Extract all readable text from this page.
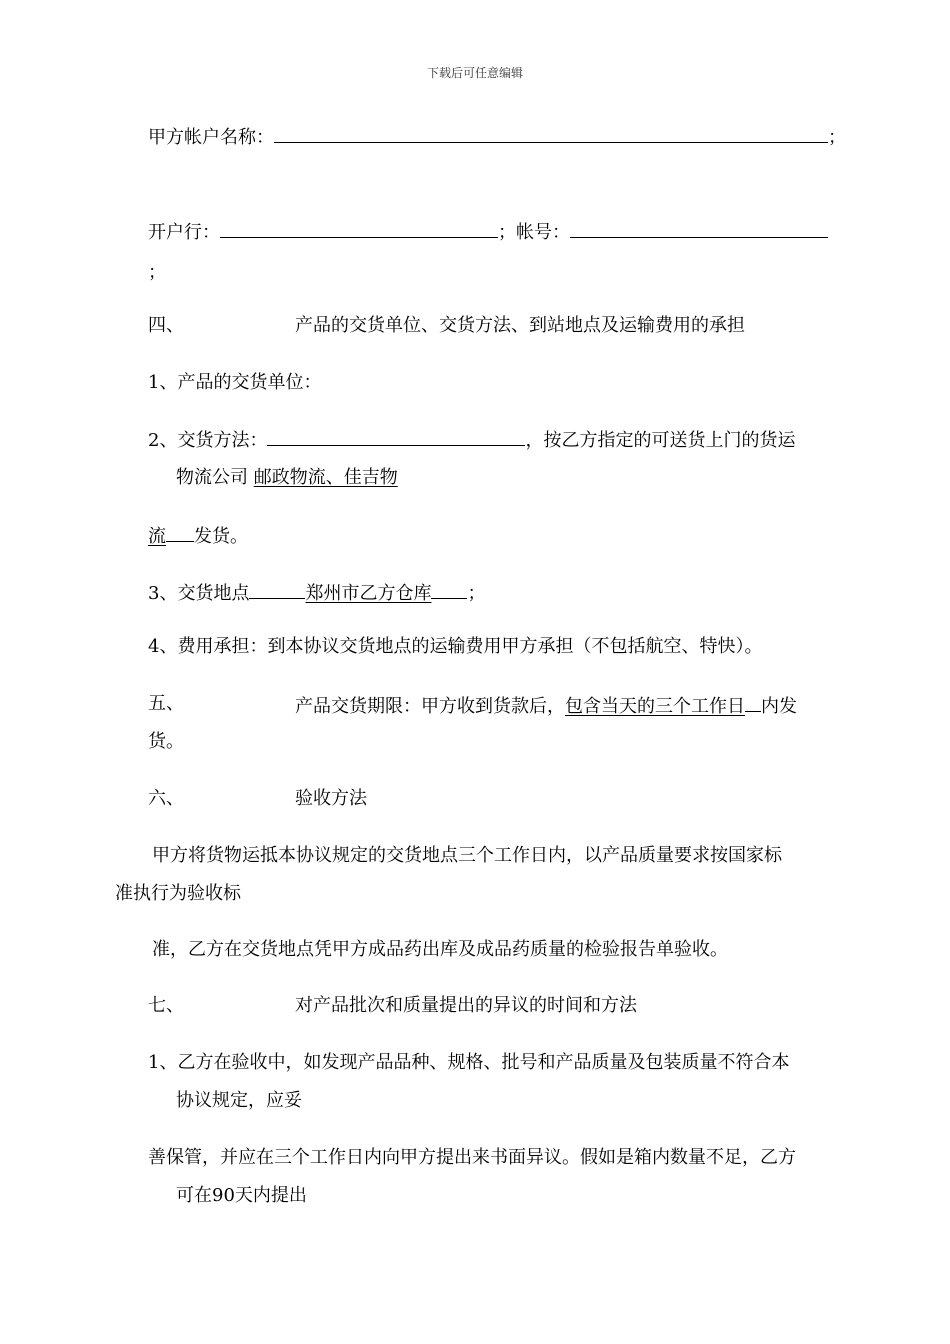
下载后可任意编辑
甲方帐户名称：	；
开户行：	；帐号：
；
四、	产品的交货单位、交货方法、到站地点及运输费用的承担
1、产品的交货单位：
2、交货方法：	，按乙方指定的可送货上门的货运
物流公司 邮政物流、佳吉物
流 发货。
3、交货地点	郑州市乙方仓库 ；
4、费用承担：到本协议交货地点的运输费用甲方承担（不包括航空、特快）。
五、	产品交货期限：甲方收到货款后，包含当天的三个工作日 内发
货。
六、	验收方法
甲方将货物运抵本协议规定的交货地点三个工作日内，以产品质量要求按国家标
准执行为验收标
准，乙方在交货地点凭甲方成品药出库及成品药质量的检验报告单验收。
七、	对产品批次和质量提出的异议的时间和方法
1、乙方在验收中，如发现产品品种、规格、批号和产品质量及包装质量不符合本
协议规定，应妥
善保管，并应在三个工作日内向甲方提出来书面异议。假如是箱内数量不足，乙方
可在90天内提出
